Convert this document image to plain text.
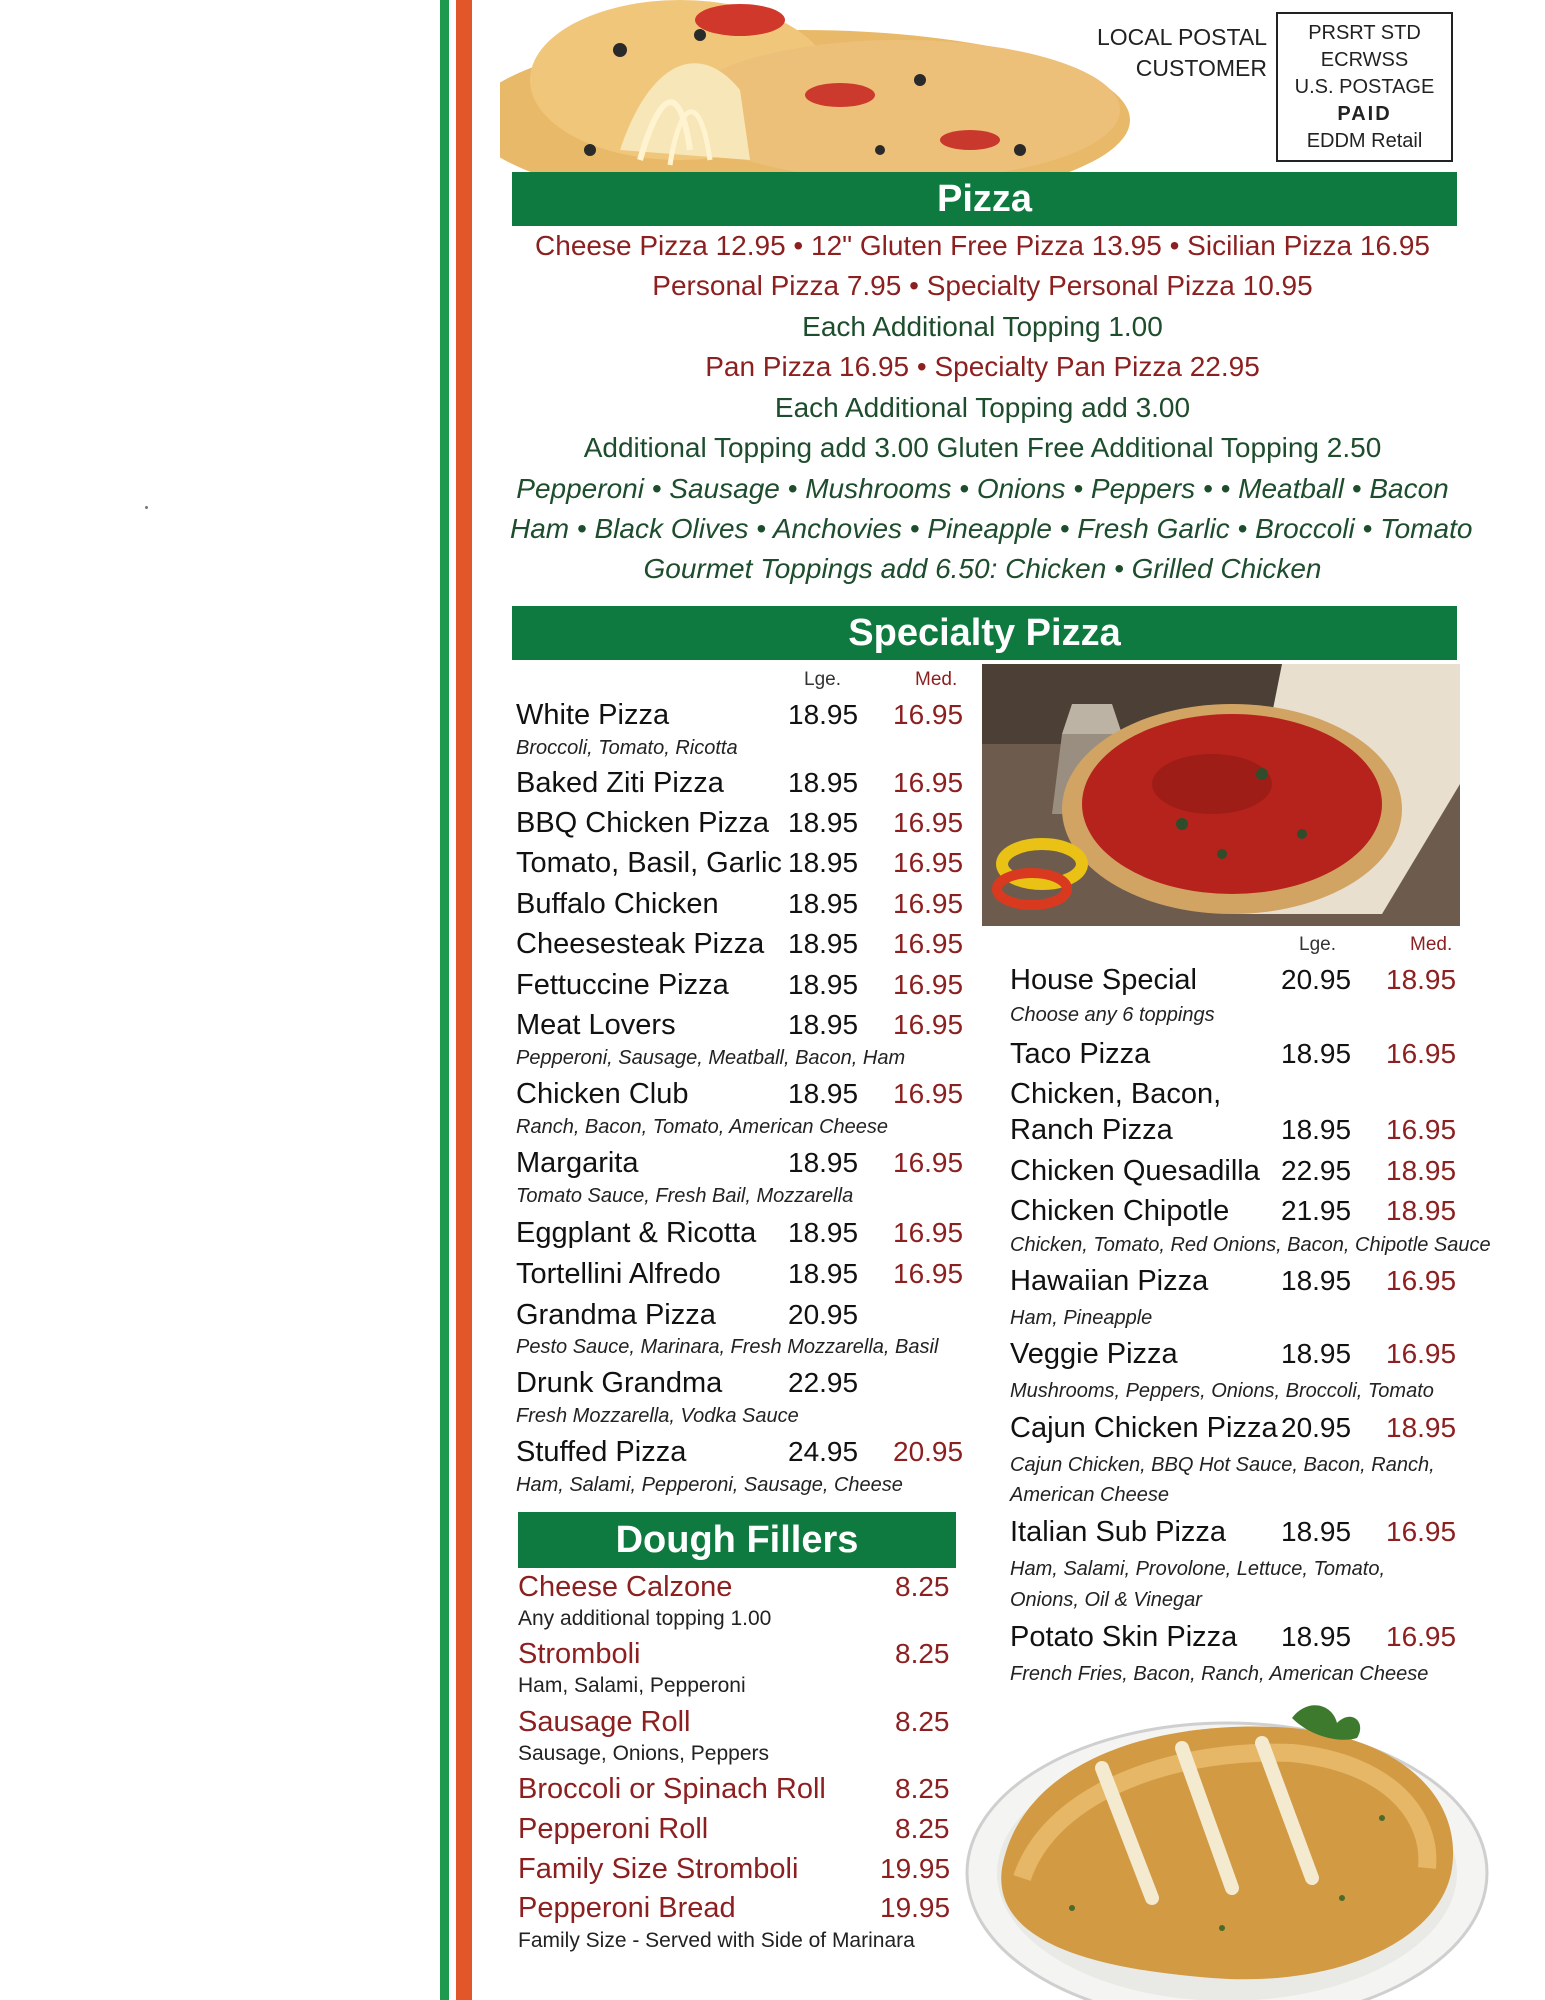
enrique's printing & signs • 973-030-0409
LOCAL POSTAL
CUSTOMER
PRSRT STD
ECRWSS
U.S. POSTAGE
PAID
EDDM Retail
Pizza
Cheese Pizza 12.95 • 12" Gluten Free Pizza 13.95 • Sicilian Pizza 16.95
Personal Pizza 7.95 • Specialty Personal Pizza 10.95
Each Additional Topping 1.00
Pan Pizza 16.95 • Specialty Pan Pizza 22.95
Each Additional Topping add 3.00
Additional Topping add 3.00 Gluten Free Additional Topping 2.50
Pepperoni • Sausage • Mushrooms • Onions • Peppers • • Meatball • Bacon
Ham • Black Olives • Anchovies • Pineapple • Fresh Garlic • Broccoli • Tomato
Gourmet Toppings add 6.50: Chicken • Grilled Chicken
Specialty Pizza
Lge.	Med.
White Pizza	18.95 16.95
Broccoli, Tomato, Ricotta
Baked Ziti Pizza 18.95 16.95
BBQ Chicken Pizza 18.95 16.95
Tomato, Basil, Garlic 18.95 16.95
Buffalo Chicken 18.95 16.95
Cheesesteak Pizza 18.95 16.95
Fettuccine Pizza 18.95 16.95
Meat Lovers	18.95 16.95
Pepperoni, Sausage, Meatball, Bacon, Ham
Chicken Club	18.95 16.95
Ranch, Bacon, Tomato, American Cheese
Margarita	18.95 16.95
Tomato Sauce, Fresh Bail, Mozzarella
Eggplant & Ricotta 18.95 16.95
Tortellini Alfredo 18.95 16.95
Grandma Pizza	20.95
Pesto Sauce, Marinara, Fresh Mozzarella, Basil
Drunk Grandma 22.95
Fresh Mozzarella, Vodka Sauce
Stuffed Pizza	24.95 20.95
Ham, Salami, Pepperoni, Sausage, Cheese
Lge.	Med.
House Special	20.95 18.95
Choose any 6 toppings
Taco Pizza	18.95 16.95
Chicken, Bacon,
Ranch Pizza	18.95 16.95
Chicken Quesadilla 22.95 18.95
Chicken Chipotle 21.95 18.95
Chicken, Tomato, Red Onions, Bacon, Chipotle Sauce
Hawaiian Pizza	18.95 16.95
Ham, Pineapple
Veggie Pizza	18.95 16.95
Mushrooms, Peppers, Onions, Broccoli, Tomato
Cajun Chicken Pizza 20.95 18.95
Cajun Chicken, BBQ Hot Sauce, Bacon, Ranch,
American Cheese
Italian Sub Pizza 18.95 16.95
Ham, Salami, Provolone, Lettuce, Tomato,
Onions, Oil & Vinegar
Potato Skin Pizza 18.95 16.95
French Fries, Bacon, Ranch, American Cheese
Dough Fillers
Cheese Calzone	8.25
Any additional topping 1.00
Stromboli	8.25
Ham, Salami, Pepperoni
Sausage Roll	8.25
Sausage, Onions, Peppers
Broccoli or Spinach Roll 8.25
Pepperoni Roll	8.25
Family Size Stromboli	19.95
Pepperoni Bread	19.95
Family Size - Served with Side of Marinara
